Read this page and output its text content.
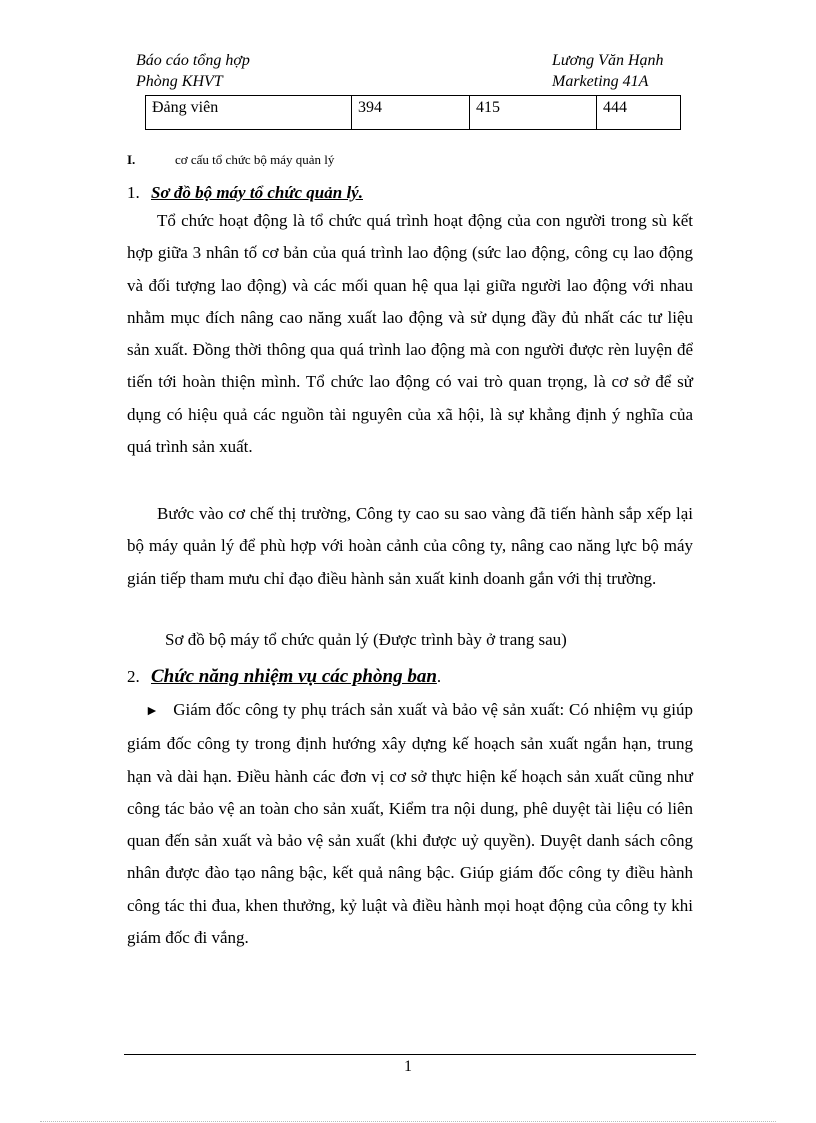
Báo cáo tổng hợp
Phòng KHVT
Lương Văn Hạnh
Marketing 41A
Đảng viên	394	415	444
I.	cơ cấu tổ chức bộ máy quản lý
1. Sơ đồ bộ máy tổ chức quản lý.

Tổ chức hoạt động là tổ chức quá trình hoạt động của con người trong sù kết hợp giữa 3 nhân tố cơ bản của quá trình lao động (sức lao động, công cụ lao động và đối tượng lao động) và các mối quan hệ qua lại giữa người lao động với nhau nhằm mục đích nâng cao năng xuất lao động và sử dụng đầy đủ nhất các tư liệu sản xuất. Đồng thời thông qua quá trình lao động mà con người được rèn luyện để tiến tới hoàn thiện mình. Tổ chức lao động có vai trò quan trọng, là cơ sở để sử dụng có hiệu quả các nguồn tài nguyên của xã hội, là sự khẳng định ý nghĩa của quá trình sản xuất.

Bước vào cơ chế thị trường, Công ty cao su sao vàng đã tiến hành sắp xếp lại bộ máy quản lý để phù hợp với hoàn cảnh của công ty, nâng cao năng lực bộ máy gián tiếp tham mưu chỉ đạo điều hành sản xuất kinh doanh gắn với thị trường.

Sơ đồ bộ máy tổ chức quản lý (Được trình bày ở trang sau)
2. Chức năng nhiệm vụ các phòng ban.

► Giám đốc công ty phụ trách sản xuất và bảo vệ sản xuất: Có nhiệm vụ giúp giám đốc công ty trong định hướng xây dựng kế hoạch sản xuất ngắn hạn, trung hạn và dài hạn. Điều hành các đơn vị cơ sở thực hiện kế hoạch sản xuất cũng như công tác bảo vệ an toàn cho sản xuất, Kiểm tra nội dung, phê duyệt tài liệu có liên quan đến sản xuất và bảo vệ sản xuất (khi được uỷ quyền). Duyệt danh sách công nhân được đào tạo nâng bậc, kết quả nâng bậc. Giúp giám đốc công ty điều hành công tác thi đua, khen thưởng, kỷ luật và điều hành mọi hoạt động của công ty khi giám đốc đi vắng.

1
